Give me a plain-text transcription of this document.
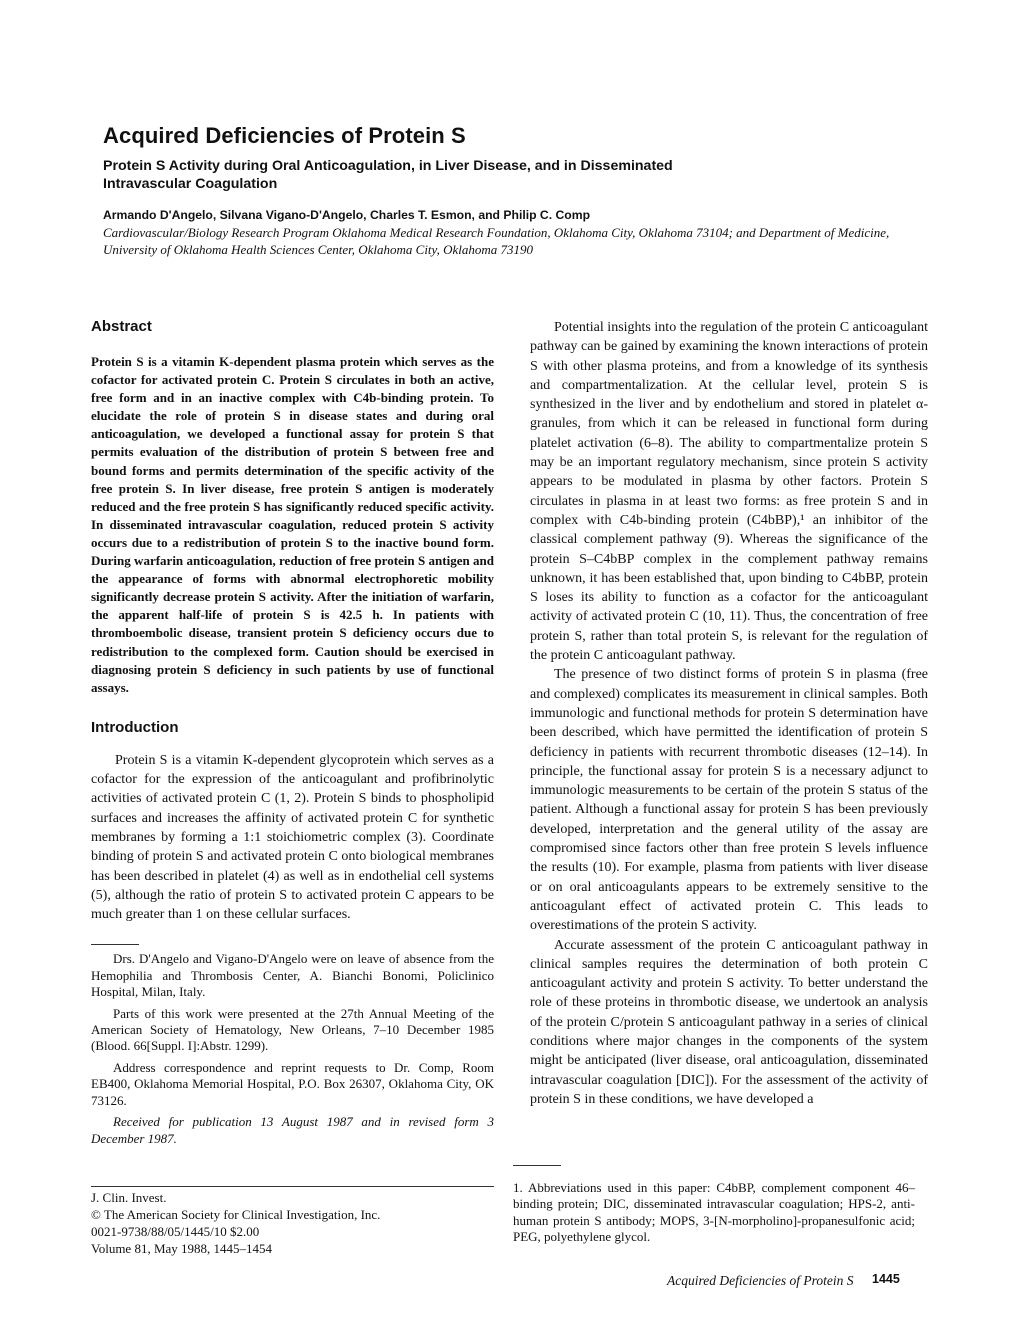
Acquired Deficiencies of Protein S
Protein S Activity during Oral Anticoagulation, in Liver Disease, and in Disseminated Intravascular Coagulation
Armando D'Angelo, Silvana Vigano-D'Angelo, Charles T. Esmon, and Philip C. Comp
Cardiovascular/Biology Research Program Oklahoma Medical Research Foundation, Oklahoma City, Oklahoma 73104; and Department of Medicine, University of Oklahoma Health Sciences Center, Oklahoma City, Oklahoma 73190
Abstract

Protein S is a vitamin K-dependent plasma protein which serves as the cofactor for activated protein C. Protein S circulates in both an active, free form and in an inactive complex with C4b-binding protein. To elucidate the role of protein S in disease states and during oral anticoagulation, we developed a functional assay for protein S that permits evaluation of the distribution of protein S between free and bound forms and permits determination of the specific activity of the free protein S. In liver disease, free protein S antigen is moderately reduced and the free protein S has significantly reduced specific activity. In disseminated intravascular coagulation, reduced protein S activity occurs due to a redistribution of protein S to the inactive bound form. During warfarin anticoagulation, reduction of free protein S antigen and the appearance of forms with abnormal electrophoretic mobility significantly decrease protein S activity. After the initiation of warfarin, the apparent half-life of protein S is 42.5 h. In patients with thromboembolic disease, transient protein S deficiency occurs due to redistribution to the complexed form. Caution should be exercised in diagnosing protein S deficiency in such patients by use of functional assays.

Introduction

Protein S is a vitamin K-dependent glycoprotein which serves as a cofactor for the expression of the anticoagulant and profibrinolytic activities of activated protein C (1, 2). Protein S binds to phospholipid surfaces and increases the affinity of activated protein C for synthetic membranes by forming a 1:1 stoichiometric complex (3). Coordinate binding of protein S and activated protein C onto biological membranes has been described in platelet (4) as well as in endothelial cell systems (5), although the ratio of protein S to activated protein C appears to be much greater than 1 on these cellular surfaces.

Drs. D'Angelo and Vigano-D'Angelo were on leave of absence from the Hemophilia and Thrombosis Center, A. Bianchi Bonomi, Policlinico Hospital, Milan, Italy.

Parts of this work were presented at the 27th Annual Meeting of the American Society of Hematology, New Orleans, 7–10 December 1985 (Blood. 66[Suppl. I]:Abstr. 1299).

Address correspondence and reprint requests to Dr. Comp, Room EB400, Oklahoma Memorial Hospital, P.O. Box 26307, Oklahoma City, OK 73126.

Received for publication 13 August 1987 and in revised form 3 December 1987.

J. Clin. Invest.
© The American Society for Clinical Investigation, Inc.
0021-9738/88/05/1445/10 $2.00
Volume 81, May 1988, 1445–1454

Potential insights into the regulation of the protein C anticoagulant pathway can be gained by examining the known interactions of protein S with other plasma proteins, and from a knowledge of its synthesis and compartmentalization. At the cellular level, protein S is synthesized in the liver and by endothelium and stored in platelet α-granules, from which it can be released in functional form during platelet activation (6–8). The ability to compartmentalize protein S may be an important regulatory mechanism, since protein S activity appears to be modulated in plasma by other factors. Protein S circulates in plasma in at least two forms: as free protein S and in complex with C4b-binding protein (C4bBP),¹ an inhibitor of the classical complement pathway (9). Whereas the significance of the protein S–C4bBP complex in the complement pathway remains unknown, it has been established that, upon binding to C4bBP, protein S loses its ability to function as a cofactor for the anticoagulant activity of activated protein C (10, 11). Thus, the concentration of free protein S, rather than total protein S, is relevant for the regulation of the protein C anticoagulant pathway.

The presence of two distinct forms of protein S in plasma (free and complexed) complicates its measurement in clinical samples. Both immunologic and functional methods for protein S determination have been described, which have permitted the identification of protein S deficiency in patients with recurrent thrombotic diseases (12–14). In principle, the functional assay for protein S is a necessary adjunct to immunologic measurements to be certain of the protein S status of the patient. Although a functional assay for protein S has been previously developed, interpretation and the general utility of the assay are compromised since factors other than free protein S levels influence the results (10). For example, plasma from patients with liver disease or on oral anticoagulants appears to be extremely sensitive to the anticoagulant effect of activated protein C. This leads to overestimations of the protein S activity.

Accurate assessment of the protein C anticoagulant pathway in clinical samples requires the determination of both protein C anticoagulant activity and protein S activity. To better understand the role of these proteins in thrombotic disease, we undertook an analysis of the protein C/protein S anticoagulant pathway in a series of clinical conditions where major changes in the components of the system might be anticipated (liver disease, oral anticoagulation, disseminated intravascular coagulation [DIC]). For the assessment of the activity of protein S in these conditions, we have developed a

1. Abbreviations used in this paper: C4bBP, complement component 46–binding protein; DIC, disseminated intravascular coagulation; HPS-2, anti-human protein S antibody; MOPS, 3-[N-morpholino]-propanesulfonic acid; PEG, polyethylene glycol.

Acquired Deficiencies of Protein S 1445
